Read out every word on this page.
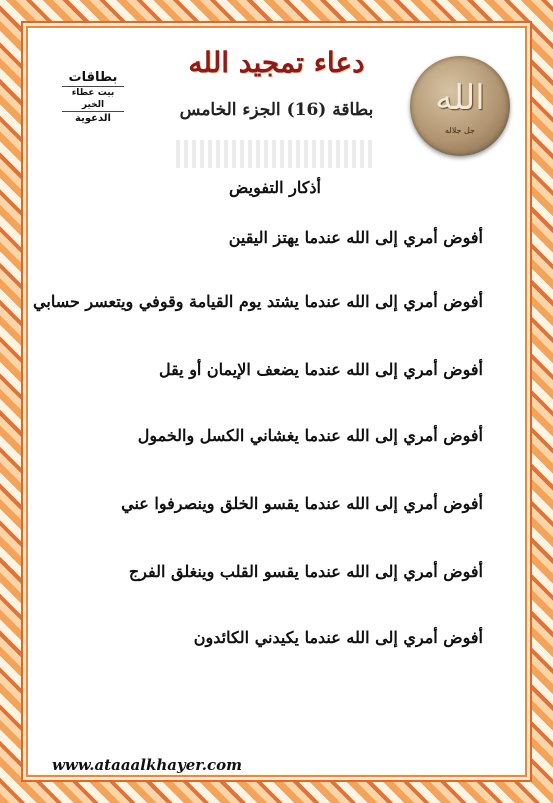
دعاء تمجيد الله
بطاقة (16) الجزء الخامس
بطاقات
بيت عطاء الخير
الدعوية
الله
جل جلاله
أذكار التفويض
أفوض أمري إلى الله عندما يهتز اليقين
أفوض أمري إلى الله عندما يشتد يوم القيامة وقوفي ويتعسر حسابي
أفوض أمري إلى الله عندما يضعف الإيمان أو يقل
أفوض أمري إلى الله عندما يغشاني الكسل والخمول
أفوض أمري إلى الله عندما يقسو الخلق وينصرفوا عني
أفوض أمري إلى الله عندما يقسو القلب وينغلق الفرج
أفوض أمري إلى الله عندما يكيدني الكائدون
www.ataaalkhayer.com
